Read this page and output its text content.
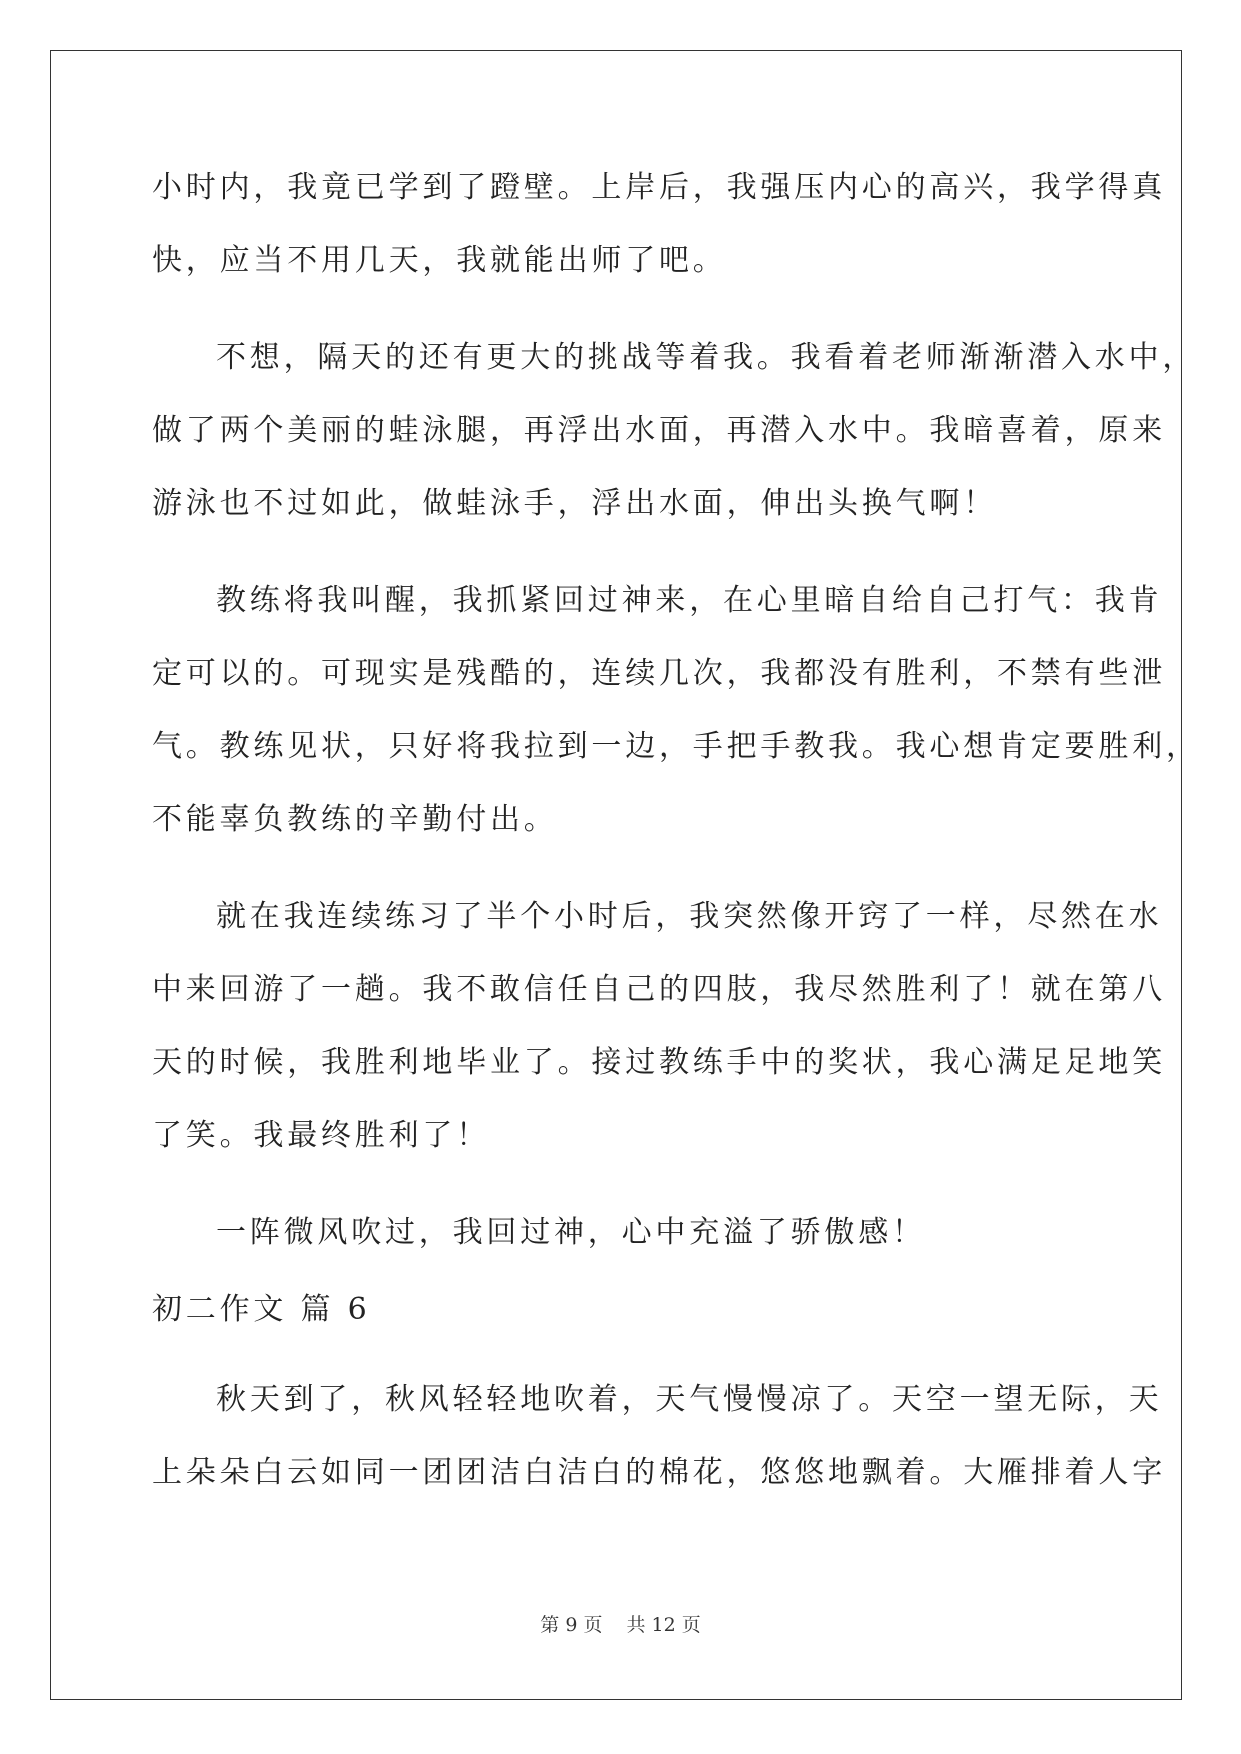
小时内，我竟已学到了蹬壁。上岸后，我强压内心的高兴，我学得真
快，应当不用几天，我就能出师了吧。
不想，隔天的还有更大的挑战等着我。我看着老师渐渐潜入水中，
做了两个美丽的蛙泳腿，再浮出水面，再潜入水中。我暗喜着，原来
游泳也不过如此，做蛙泳手，浮出水面，伸出头换气啊！
教练将我叫醒，我抓紧回过神来，在心里暗自给自己打气：我肯
定可以的。可现实是残酷的，连续几次，我都没有胜利，不禁有些泄
气。教练见状，只好将我拉到一边，手把手教我。我心想肯定要胜利，
不能辜负教练的辛勤付出。
就在我连续练习了半个小时后，我突然像开窍了一样，尽然在水
中来回游了一趟。我不敢信任自己的四肢，我尽然胜利了！就在第八
天的时候，我胜利地毕业了。接过教练手中的奖状，我心满足足地笑
了笑。我最终胜利了！
一阵微风吹过，我回过神，心中充溢了骄傲感！
初二作文 篇 6
秋天到了，秋风轻轻地吹着，天气慢慢凉了。天空一望无际，天
上朵朵白云如同一团团洁白洁白的棉花，悠悠地飘着。大雁排着人字
第 9 页 共 12 页
